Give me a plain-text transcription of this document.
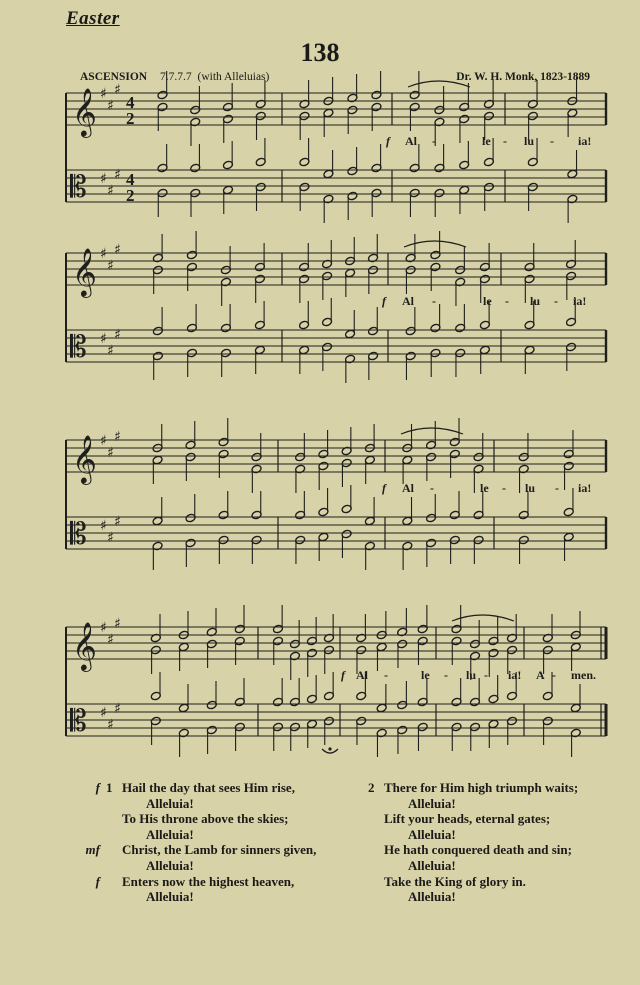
Easter
138
ASCENSION 7.7.7.7 (with Alleluias)	Dr. W. H. Monk, 1823-1889
𝄞
𝄡
♯
♯
♯
♯
♯
♯
4
2
4
2
f Al -	le - lu - ia!
𝄞
𝄡
♯
♯
♯
♯
♯
♯
f Al -	le - lu - ia!
𝄞
𝄡
♯
♯
♯
♯
♯
♯
f Al -	le - lu - ia!
𝄞
𝄡
♯
♯
♯
♯
♯
♯
f Al -	le - lu - ia! A - men.
f 1 Hail the day that sees Him rise,
Alleluia!
To His throne above the skies;
Alleluia!
mf Christ, the Lamb for sinners given,
Alleluia!
f Enters now the highest heaven,
Alleluia!
2 There for Him high triumph waits;
Alleluia!
Lift your heads, eternal gates;
Alleluia!
He hath conquered death and sin;
Alleluia!
Take the King of glory in.
Alleluia!
